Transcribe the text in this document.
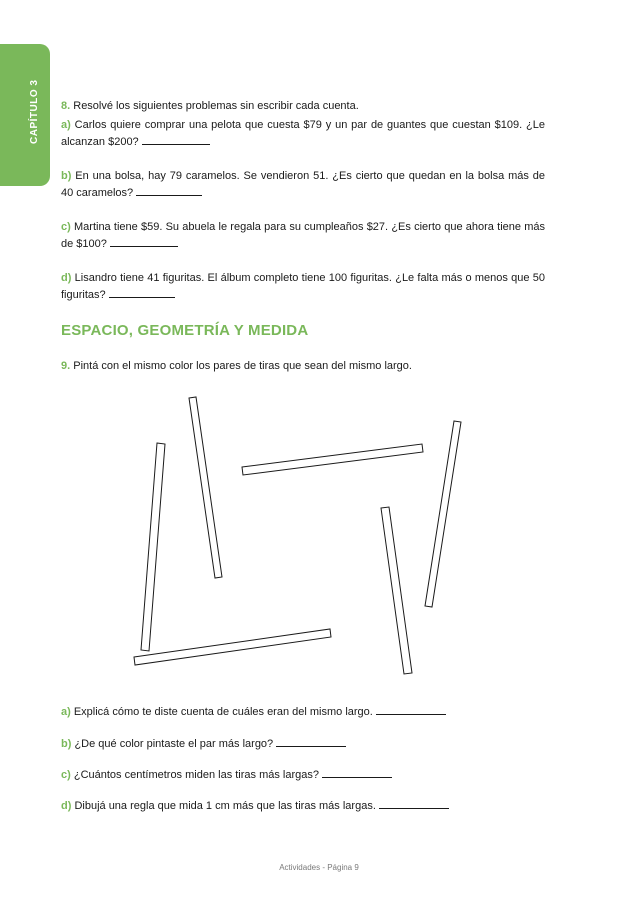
CAPÍTULO 3 8. Resolvé los siguientes problemas sin escribir cada cuenta.

a) Carlos quiere comprar una pelota que cuesta $79 y un par de guantes que cuestan $109. ¿Le alcanzan $200?

b) En una bolsa, hay 79 caramelos. Se vendieron 51. ¿Es cierto que quedan en la bolsa más de 40 caramelos?

c) Martina tiene $59. Su abuela le regala para su cumpleaños $27. ¿Es cierto que ahora tiene más de $100?

d) Lisandro tiene 41 figuritas. El álbum completo tiene 100 figuritas. ¿Le falta más o menos que 50 figuritas?

ESPACIO, GEOMETRÍA Y MEDIDA

9. Pintá con el mismo color los pares de tiras que sean del mismo largo.

a) Explicá cómo te diste cuenta de cuáles eran del mismo largo.

b) ¿De qué color pintaste el par más largo?

c) ¿Cuántos centímetros miden las tiras más largas?

d) Dibujá una regla que mida 1 cm más que las tiras más largas.

Actividades - Página 9
